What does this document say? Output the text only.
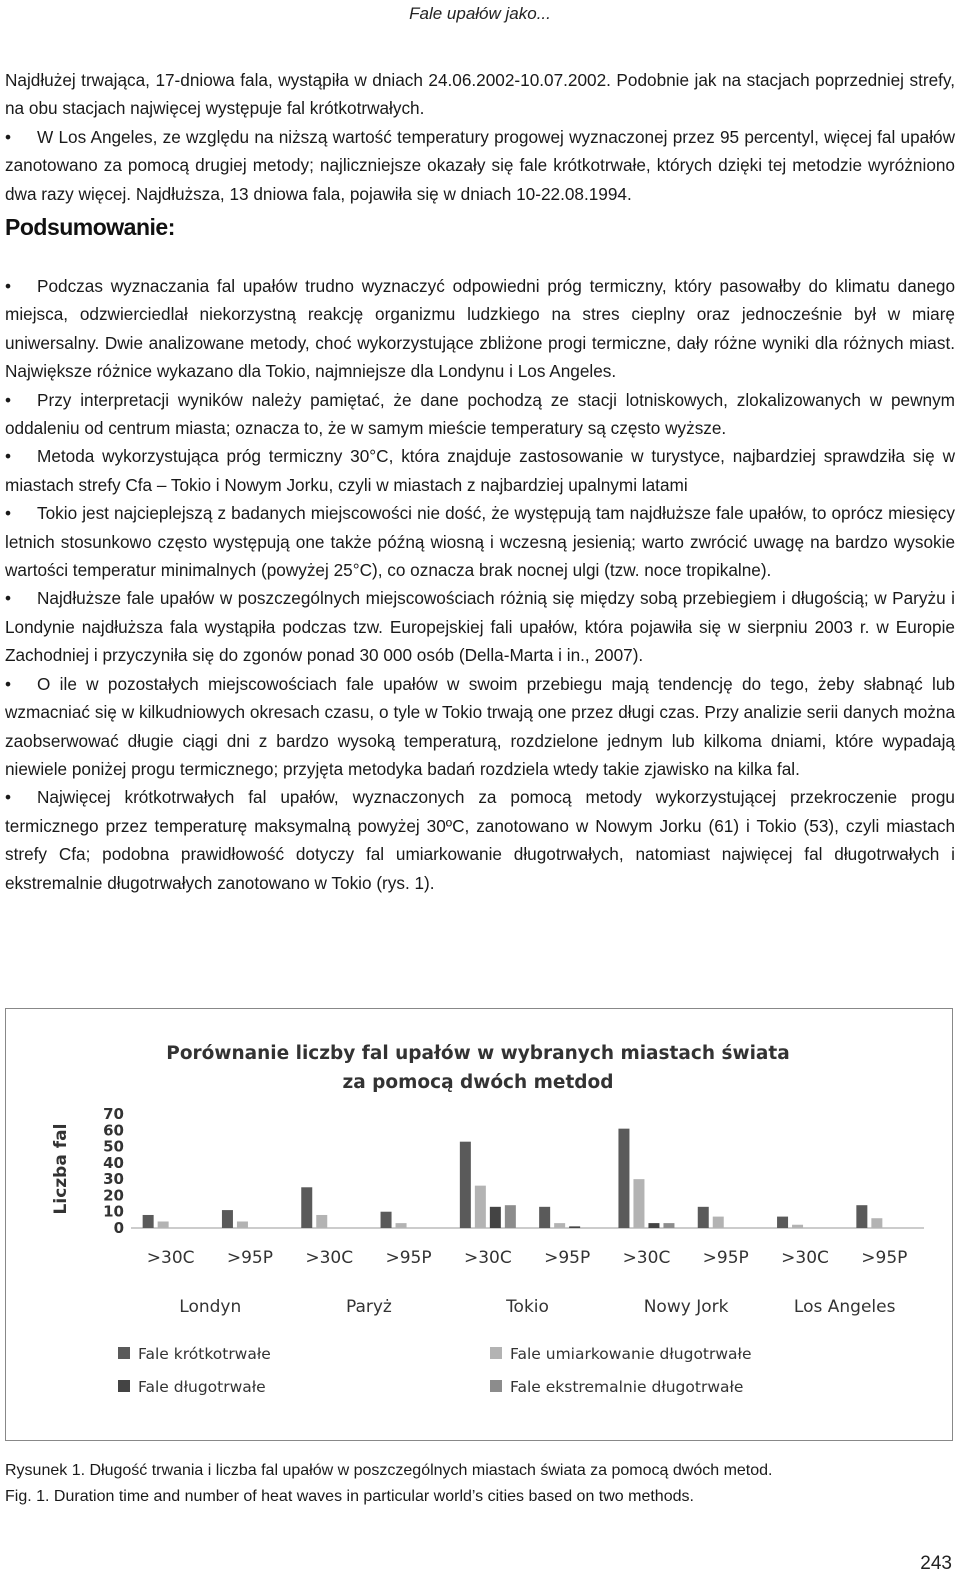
Fale upałów jako...

Najdłużej trwająca, 17-dniowa fala, wystąpiła w dniach 24.06.2002-10.07.2002. Podobnie jak na stacjach poprzedniej strefy, na obu stacjach najwięcej występuje fal krótkotrwałych.

• W Los Angeles, ze względu na niższą wartość temperatury progowej wyznaczonej przez 95 percentyl, więcej fal upałów zanotowano za pomocą drugiej metody; najliczniejsze okazały się fale krótkotrwałe, których dzięki tej metodzie wyróżniono dwa razy więcej. Najdłuższa, 13 dniowa fala, pojawiła się w dniach 10-22.08.1994.

Podsumowanie:

• Podczas wyznaczania fal upałów trudno wyznaczyć odpowiedni próg termiczny, który pasowałby do klimatu danego miejsca, odzwierciedlał niekorzystną reakcję organizmu ludzkiego na stres cieplny oraz jednocześnie był w miarę uniwersalny. Dwie analizowane metody, choć wykorzystujące zbliżone progi termiczne, dały różne wyniki dla różnych miast. Największe różnice wykazano dla Tokio, najmniejsze dla Londynu i Los Angeles.

• Przy interpretacji wyników należy pamiętać, że dane pochodzą ze stacji lotniskowych, zlokalizowanych w pewnym oddaleniu od centrum miasta; oznacza to, że w samym mieście temperatury są często wyższe.

• Metoda wykorzystująca próg termiczny 30°C, która znajduje zastosowanie w turystyce, najbardziej sprawdziła się w miastach strefy Cfa – Tokio i Nowym Jorku, czyli w miastach z najbardziej upalnymi latami

• Tokio jest najcieplejszą z badanych miejscowości nie dość, że występują tam najdłuższe fale upałów, to oprócz miesięcy letnich stosunkowo często występują one także późną wiosną i wczesną jesienią; warto zwrócić uwagę na bardzo wysokie wartości temperatur minimalnych (powyżej 25°C), co oznacza brak nocnej ulgi (tzw. noce tropikalne).

• Najdłuższe fale upałów w poszczególnych miejscowościach różnią się między sobą przebiegiem i długością; w Paryżu i Londynie najdłuższa fala wystąpiła podczas tzw. Europejskiej fali upałów, która pojawiła się w sierpniu 2003 r. w Europie Zachodniej i przyczyniła się do zgonów ponad 30 000 osób (Della-Marta i in., 2007).

• O ile w pozostałych miejscowościach fale upałów w swoim przebiegu mają tendencję do tego, żeby słabnąć lub wzmacniać się w kilkudniowych okresach czasu, o tyle w Tokio trwają one przez długi czas. Przy analizie serii danych można zaobserwować długie ciągi dni z bardzo wysoką temperaturą, rozdzielone jednym lub kilkoma dniami, które wypadają niewiele poniżej progu termicznego; przyjęta metodyka badań rozdziela wtedy takie zjawisko na kilka fal.

• Najwięcej krótkotrwałych fal upałów, wyznaczonych za pomocą metody wykorzystującej przekroczenie progu termicznego przez temperaturę maksymalną powyżej 30ºC, zanotowano w Nowym Jorku (61) i Tokio (53), czyli miastach strefy Cfa; podobna prawidłowość dotyczy fal umiarkowanie długotrwałych, natomiast najwięcej fal długotrwałych i ekstremalnie długotrwałych zanotowano w Tokio (rys. 1).

Porównanie liczby fal upałów w wybranych miastach świata
za pomocą dwóch metdod
Liczba fal
0
10
20
30
40
50
60
70
>30C >95P >30C >95P >30C >95P >30C >95P >30C >95P
Londyn	Paryż	Tokio	Nowy Jork	Los Angeles
Fale krótkotrwałe	Fale umiarkowanie długotrwałe
Fale długotrwałe	Fale ekstremalnie długotrwałe
Rysunek 1. Długość trwania i liczba fal upałów w poszczególnych miastach świata za pomocą dwóch metod.
Fig. 1. Duration time and number of heat waves in particular world’s cities based on two methods.
243
